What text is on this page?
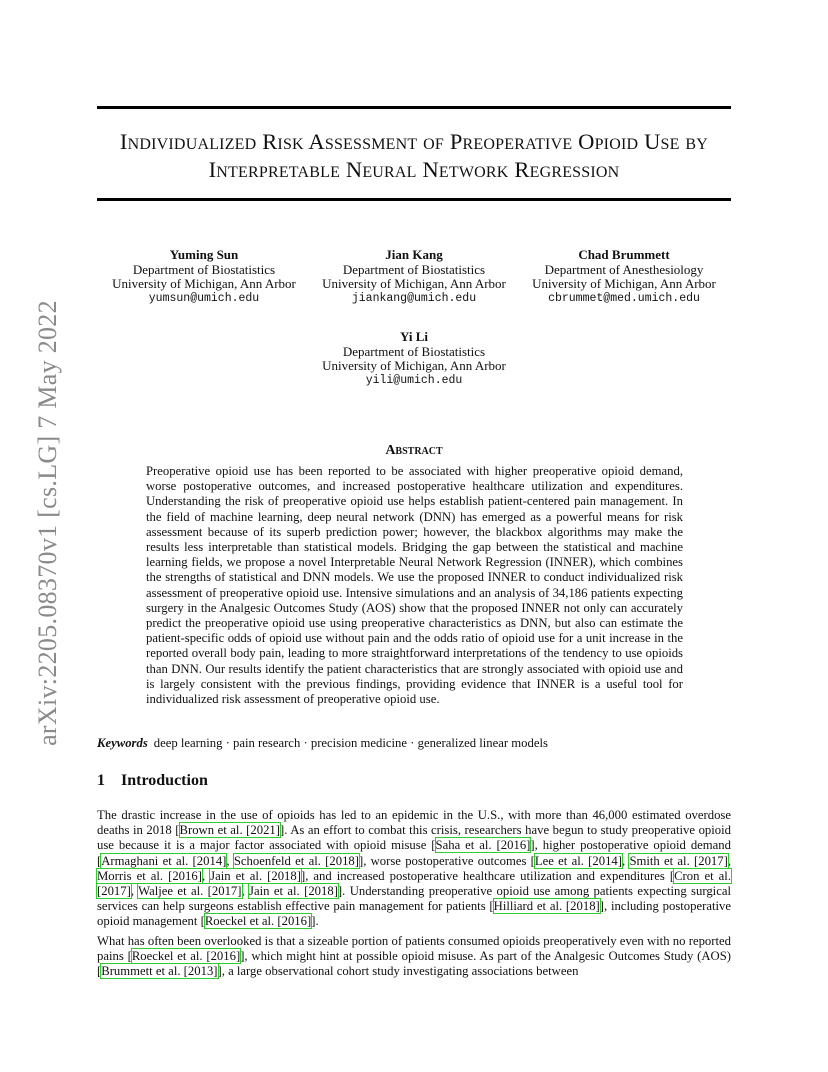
Individualized Risk Assessment of Preoperative Opioid Use by Interpretable Neural Network Regression
Yuming Sun
Department of Biostatistics
University of Michigan, Ann Arbor
yumsun@umich.edu
Jian Kang
Department of Biostatistics
University of Michigan, Ann Arbor
jiankang@umich.edu
Chad Brummett
Department of Anesthesiology
University of Michigan, Ann Arbor
cbrummet@med.umich.edu
Yi Li
Department of Biostatistics
University of Michigan, Ann Arbor
yili@umich.edu
arXiv:2205.08370v1 [cs.LG] 7 May 2022	Abstract
Preoperative opioid use has been reported to be associated with higher preoperative opioid demand, worse postoperative outcomes, and increased postoperative healthcare utilization and expenditures. Understanding the risk of preoperative opioid use helps establish patient-centered pain management. In the field of machine learning, deep neural network (DNN) has emerged as a powerful means for risk assessment because of its superb prediction power; however, the blackbox algorithms may make the results less interpretable than statistical models. Bridging the gap between the statistical and machine learning fields, we propose a novel Interpretable Neural Network Regression (INNER), which combines the strengths of statistical and DNN models. We use the proposed INNER to conduct individualized risk assessment of preoperative opioid use. Intensive simulations and an analysis of 34,186 patients expecting surgery in the Analgesic Outcomes Study (AOS) show that the proposed INNER not only can accurately predict the preoperative opioid use using preoperative characteristics as DNN, but also can estimate the patient-specific odds of opioid use without pain and the odds ratio of opioid use for a unit increase in the reported overall body pain, leading to more straightforward interpretations of the tendency to use opioids than DNN. Our results identify the patient characteristics that are strongly associated with opioid use and is largely consistent with the previous findings, providing evidence that INNER is a useful tool for individualized risk assessment of preoperative opioid use.
Keywords deep learning · pain research · precision medicine · generalized linear models
1 Introduction
The drastic increase in the use of opioids has led to an epidemic in the U.S., with more than 46,000 estimated overdose deaths in 2018 [Brown et al. [2021]]. As an effort to combat this crisis, researchers have begun to study preoperative opioid use because it is a major factor associated with opioid misuse [Saha et al. [2016]], higher postoperative opioid demand [Armaghani et al. [2014], Schoenfeld et al. [2018]], worse postoperative outcomes [Lee et al. [2014], Smith et al. [2017], Morris et al. [2016], Jain et al. [2018]], and increased postoperative healthcare utilization and expenditures [Cron et al. [2017], Waljee et al. [2017], Jain et al. [2018]]. Understanding preoperative opioid use among patients expecting surgical services can help surgeons establish effective pain management for patients [Hilliard et al. [2018]], including postoperative opioid management [Roeckel et al. [2016]].
What has often been overlooked is that a sizeable portion of patients consumed opioids preoperatively even with no reported pains [Roeckel et al. [2016]], which might hint at possible opioid misuse. As part of the Analgesic Outcomes Study (AOS) [Brummett et al. [2013]], a large observational cohort study investigating associations between
